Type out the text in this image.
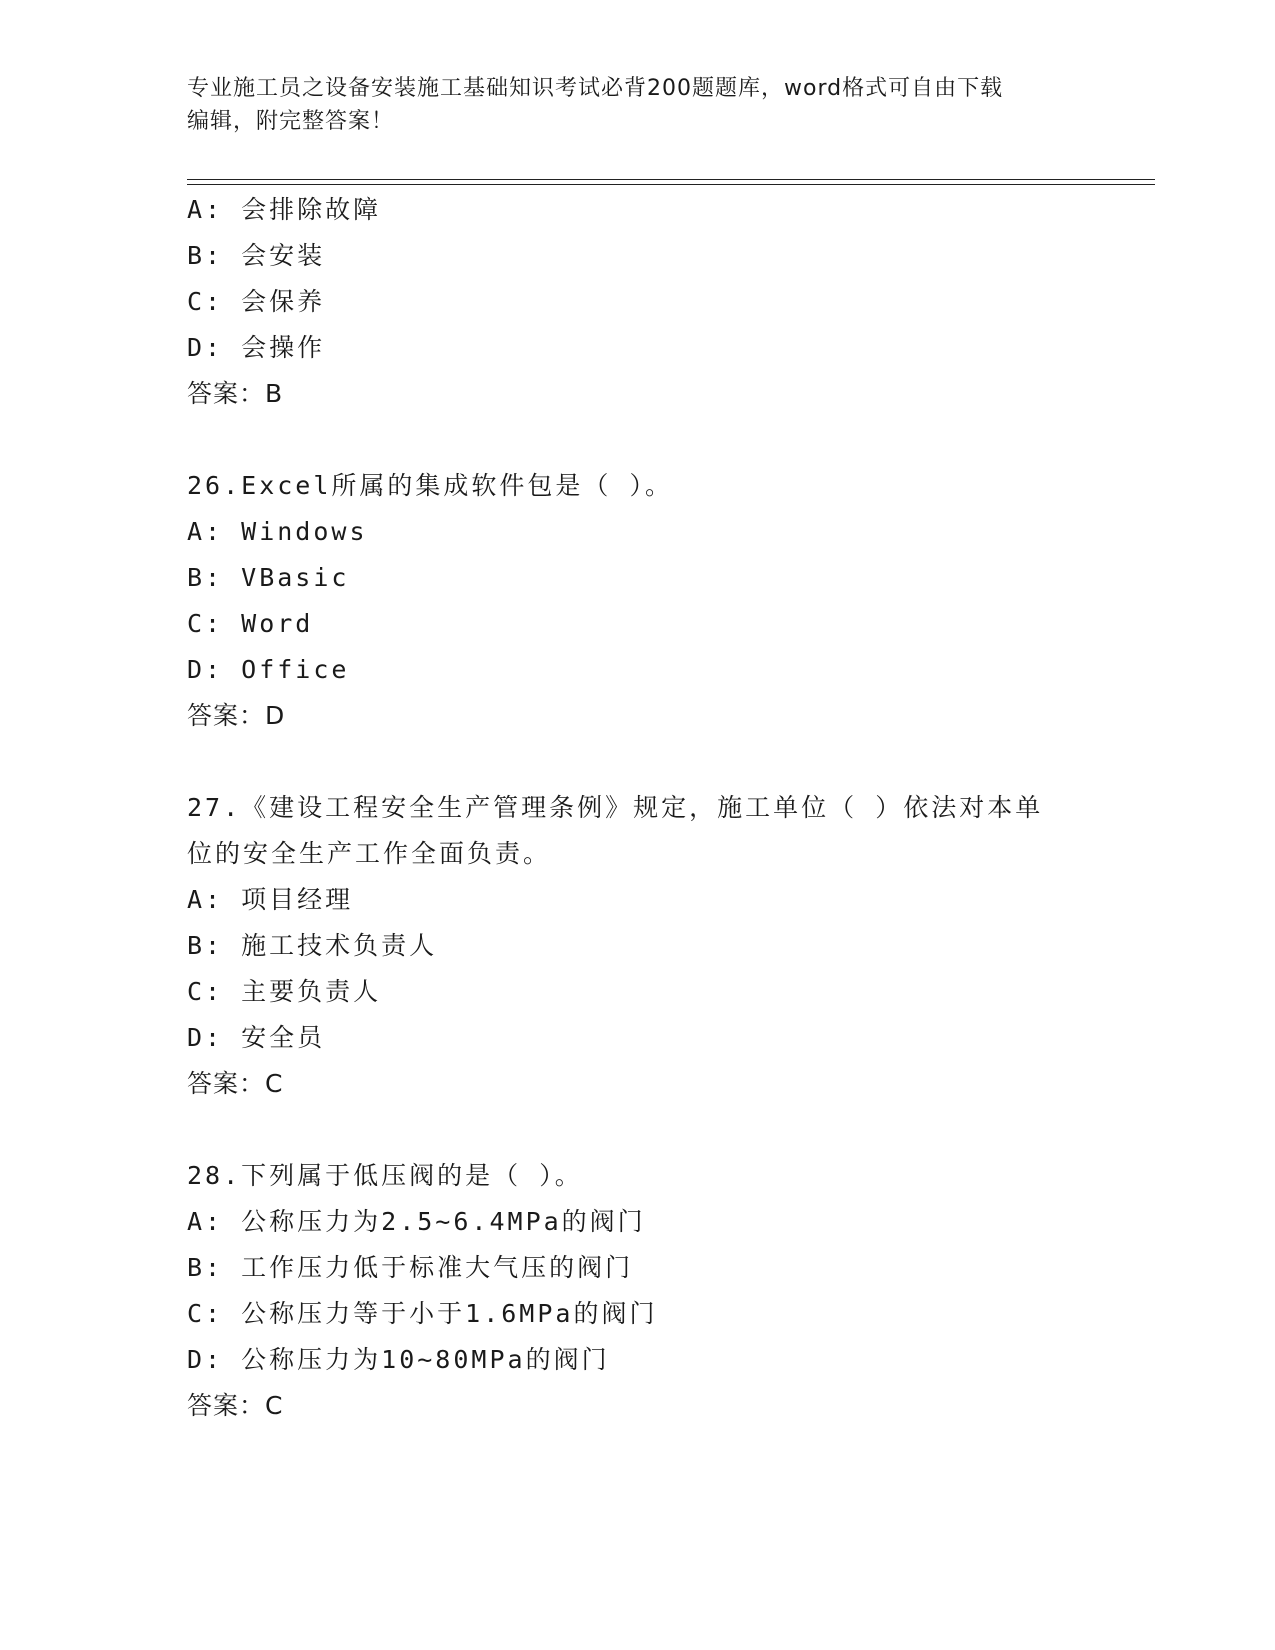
专业施工员之设备安装施工基础知识考试必背200题题库，word格式可自由下载
编辑，附完整答案！
A: 会排除故障
B: 会安装
C: 会保养
D: 会操作
答案：B
26.Excel所属的集成软件包是（ ）。
A: Windows
B: VBasic
C: Word
D: Office
答案：D
27.《建设工程安全生产管理条例》规定，施工单位（ ）依法对本单
位的安全生产工作全面负责。
A: 项目经理
B: 施工技术负责人
C: 主要负责人
D: 安全员
答案：C
28.下列属于低压阀的是（ ）。
A: 公称压力为2.5~6.4MPa的阀门
B: 工作压力低于标准大气压的阀门
C: 公称压力等于小于1.6MPa的阀门
D: 公称压力为10~80MPa的阀门
答案：C
